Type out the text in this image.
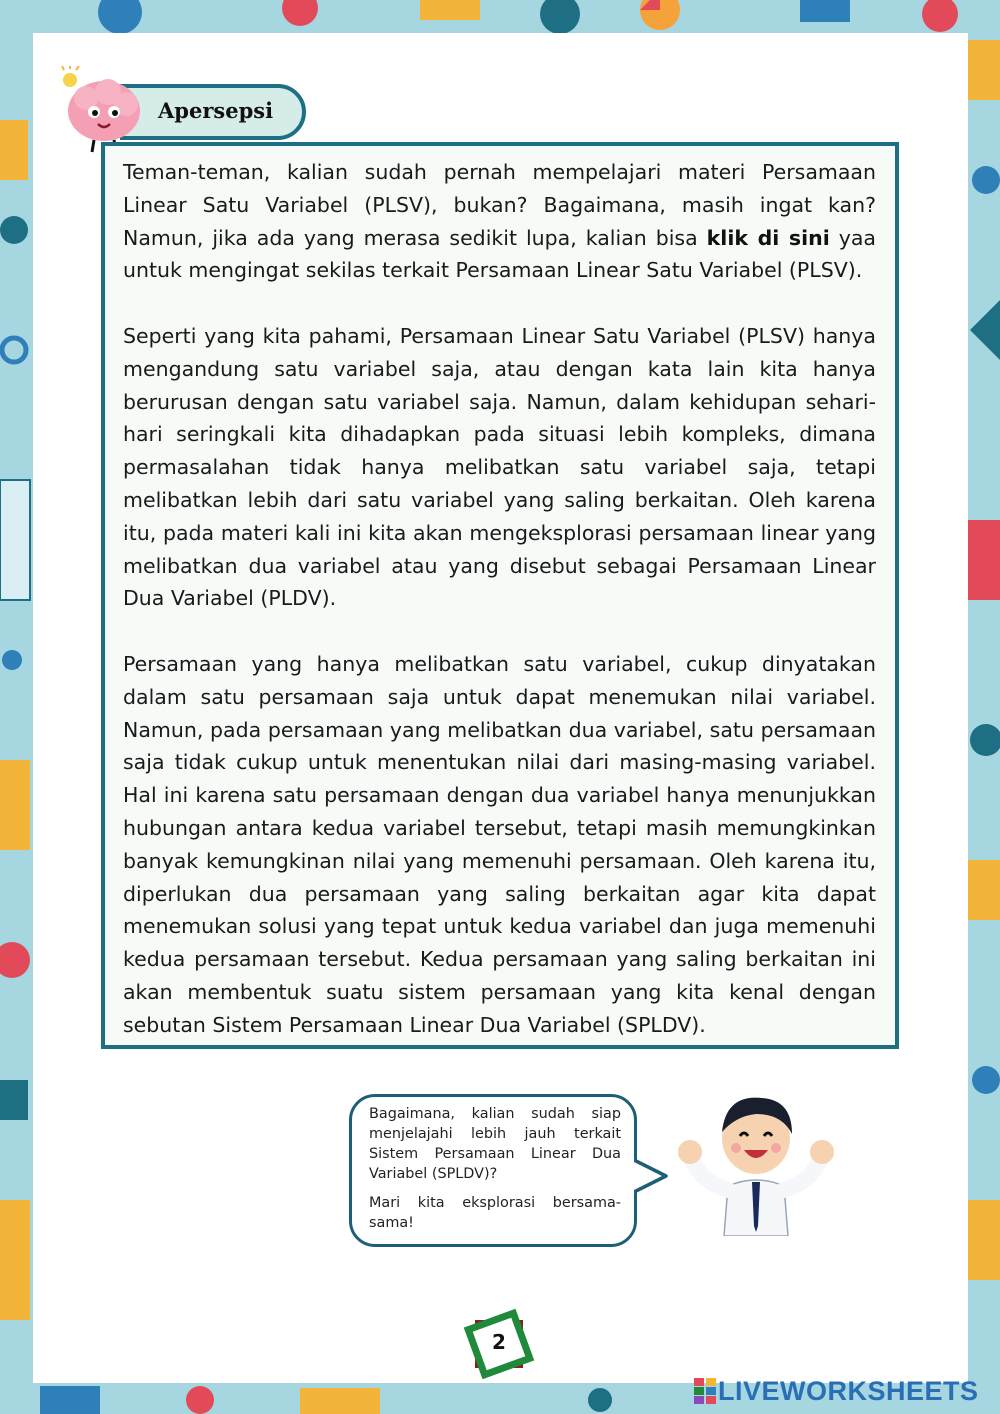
Apersepsi

Teman-teman, kalian sudah pernah mempelajari materi Persamaan Linear Satu Variabel (PLSV), bukan? Bagaimana, masih ingat kan? Namun, jika ada yang merasa sedikit lupa, kalian bisa klik di sini yaa untuk mengingat sekilas terkait Persamaan Linear Satu Variabel (PLSV).

Seperti yang kita pahami, Persamaan Linear Satu Variabel (PLSV) hanya mengandung satu variabel saja, atau dengan kata lain kita hanya berurusan dengan satu variabel saja. Namun, dalam kehidupan sehari-hari seringkali kita dihadapkan pada situasi lebih kompleks, dimana permasalahan tidak hanya melibatkan satu variabel saja, tetapi melibatkan lebih dari satu variabel yang saling berkaitan. Oleh karena itu, pada materi kali ini kita akan mengeksplorasi persamaan linear yang melibatkan dua variabel atau yang disebut sebagai Persamaan Linear Dua Variabel (PLDV).

Persamaan yang hanya melibatkan satu variabel, cukup dinyatakan dalam satu persamaan saja untuk dapat menemukan nilai variabel. Namun, pada persamaan yang melibatkan dua variabel, satu persamaan saja tidak cukup untuk menentukan nilai dari masing-masing variabel. Hal ini karena satu persamaan dengan dua variabel hanya menunjukkan hubungan antara kedua variabel tersebut, tetapi masih memungkinkan banyak kemungkinan nilai yang memenuhi persamaan. Oleh karena itu, diperlukan dua persamaan yang saling berkaitan agar kita dapat menemukan solusi yang tepat untuk kedua variabel dan juga memenuhi kedua persamaan tersebut. Kedua persamaan yang saling berkaitan ini akan membentuk suatu sistem persamaan yang kita kenal dengan sebutan Sistem Persamaan Linear Dua Variabel (SPLDV).

Bagaimana, kalian sudah siap menjelajahi lebih jauh terkait Sistem Persamaan Linear Dua Variabel (SPLDV)?

Mari kita eksplorasi bersama-sama!

2
LIVEWORKSHEETS
